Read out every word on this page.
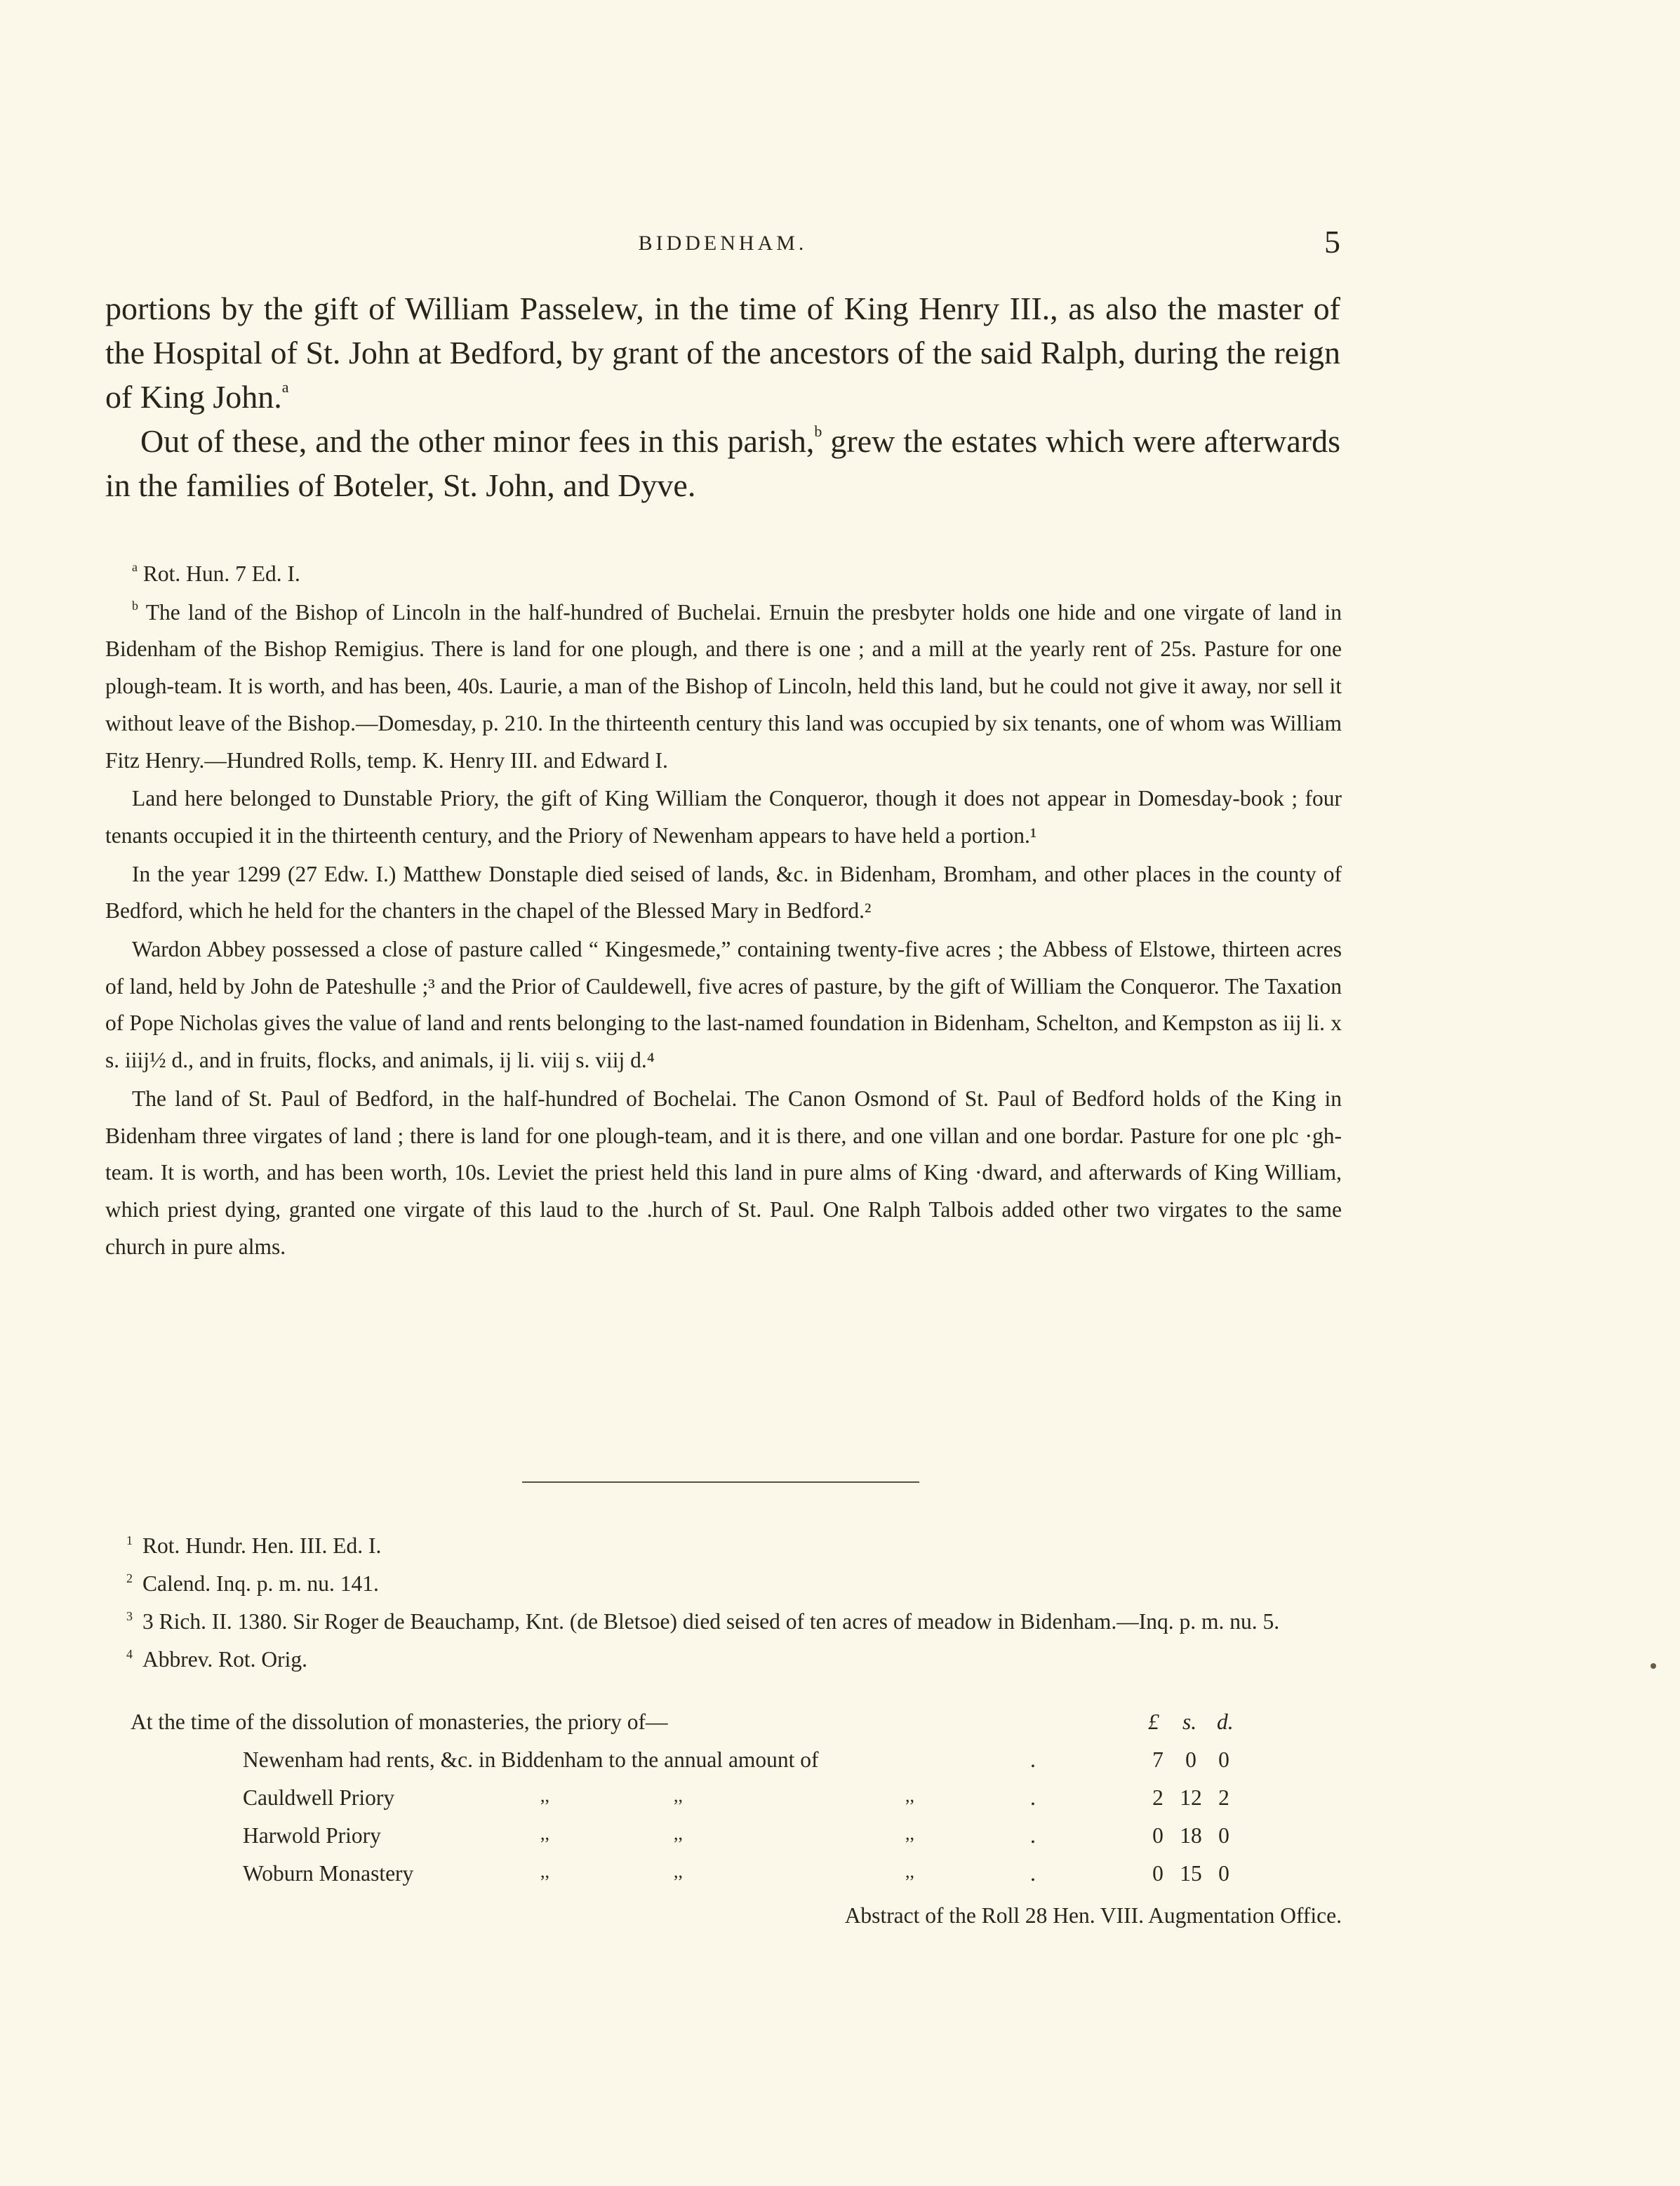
BIDDENHAM.	5

portions by the gift of William Passelew, in the time of King Henry III., as also the master of the Hospital of St. John at Bedford, by grant of the ancestors of the said Ralph, during the reign of King John.$^a$

Out of these, and the other minor fees in this parish,$^b$ grew the estates which were afterwards in the families of Boteler, St. John, and Dyve.

$^a$ Rot. Hun. 7 Ed. I.

$^b$ The land of the Bishop of Lincoln in the half-hundred of Buchelai. Ernuin the presbyter holds one hide and one virgate of land in Bidenham of the Bishop Remigius. There is land for one plough, and there is one ; and a mill at the yearly rent of 25s. Pasture for one plough-team. It is worth, and has been, 40s. Laurie, a man of the Bishop of Lincoln, held this land, but he could not give it away, nor sell it without leave of the Bishop.—Domesday, p. 210. In the thirteenth century this land was occupied by six tenants, one of whom was William Fitz Henry.—Hundred Rolls, temp. K. Henry III. and Edward I.

Land here belonged to Dunstable Priory, the gift of King William the Conqueror, though it does not appear in Domesday-book ; four tenants occupied it in the thirteenth century, and the Priory of Newenham appears to have held a portion.¹

In the year 1299 (27 Edw. I.) Matthew Donstaple died seised of lands, &c. in Bidenham, Bromham, and other places in the county of Bedford, which he held for the chanters in the chapel of the Blessed Mary in Bedford.²

Wardon Abbey possessed a close of pasture called “ Kingesmede,” containing twenty-five acres ; the Abbess of Elstowe, thirteen acres of land, held by John de Pateshulle ;³ and the Prior of Cauldewell, five acres of pasture, by the gift of William the Conqueror. The Taxation of Pope Nicholas gives the value of land and rents belonging to the last-named foundation in Bidenham, Schelton, and Kempston as iij li. x s. iiij½ d., and in fruits, flocks, and animals, ij li. viij s. viij d.⁴

The land of St. Paul of Bedford, in the half-hundred of Bochelai. The Canon Osmond of St. Paul of Bedford holds of the King in Bidenham three virgates of land ; there is land for one plough-team, and it is there, and one villan and one bordar. Pasture for one plc ·gh-team. It is worth, and has been worth, 10s. Leviet the priest held this land in pure alms of King ·dward, and afterwards of King William, which priest dying, granted one virgate of this laud to the .hurch of St. Paul. One Ralph Talbois added other two virgates to the same church in pure alms.

$^1$ Rot. Hundr. Hen. III. Ed. I.

$^2$ Calend. Inq. p. m. nu. 141.

$^3$ 3 Rich. II. 1380. Sir Roger de Beauchamp, Knt. (de Bletsoe) died seised of ten acres of meadow in Bidenham.—Inq. p. m. nu. 5.

$^4$ Abbrev. Rot. Orig.

At the time of the dissolution of monasteries, the priory of—	£ s. d.
Newenham had rents, &c. in Biddenham to the annual amount of	.	7 0 0
Cauldwell Priory	,,	,,	,,	.	2 12 2
Harwold Priory	,,	,,	,,	.	0 18 0
Woburn Monastery	,,	,,	,,	.	0 15 0
Abstract of the Roll 28 Hen. VIII. Augmentation Office.
